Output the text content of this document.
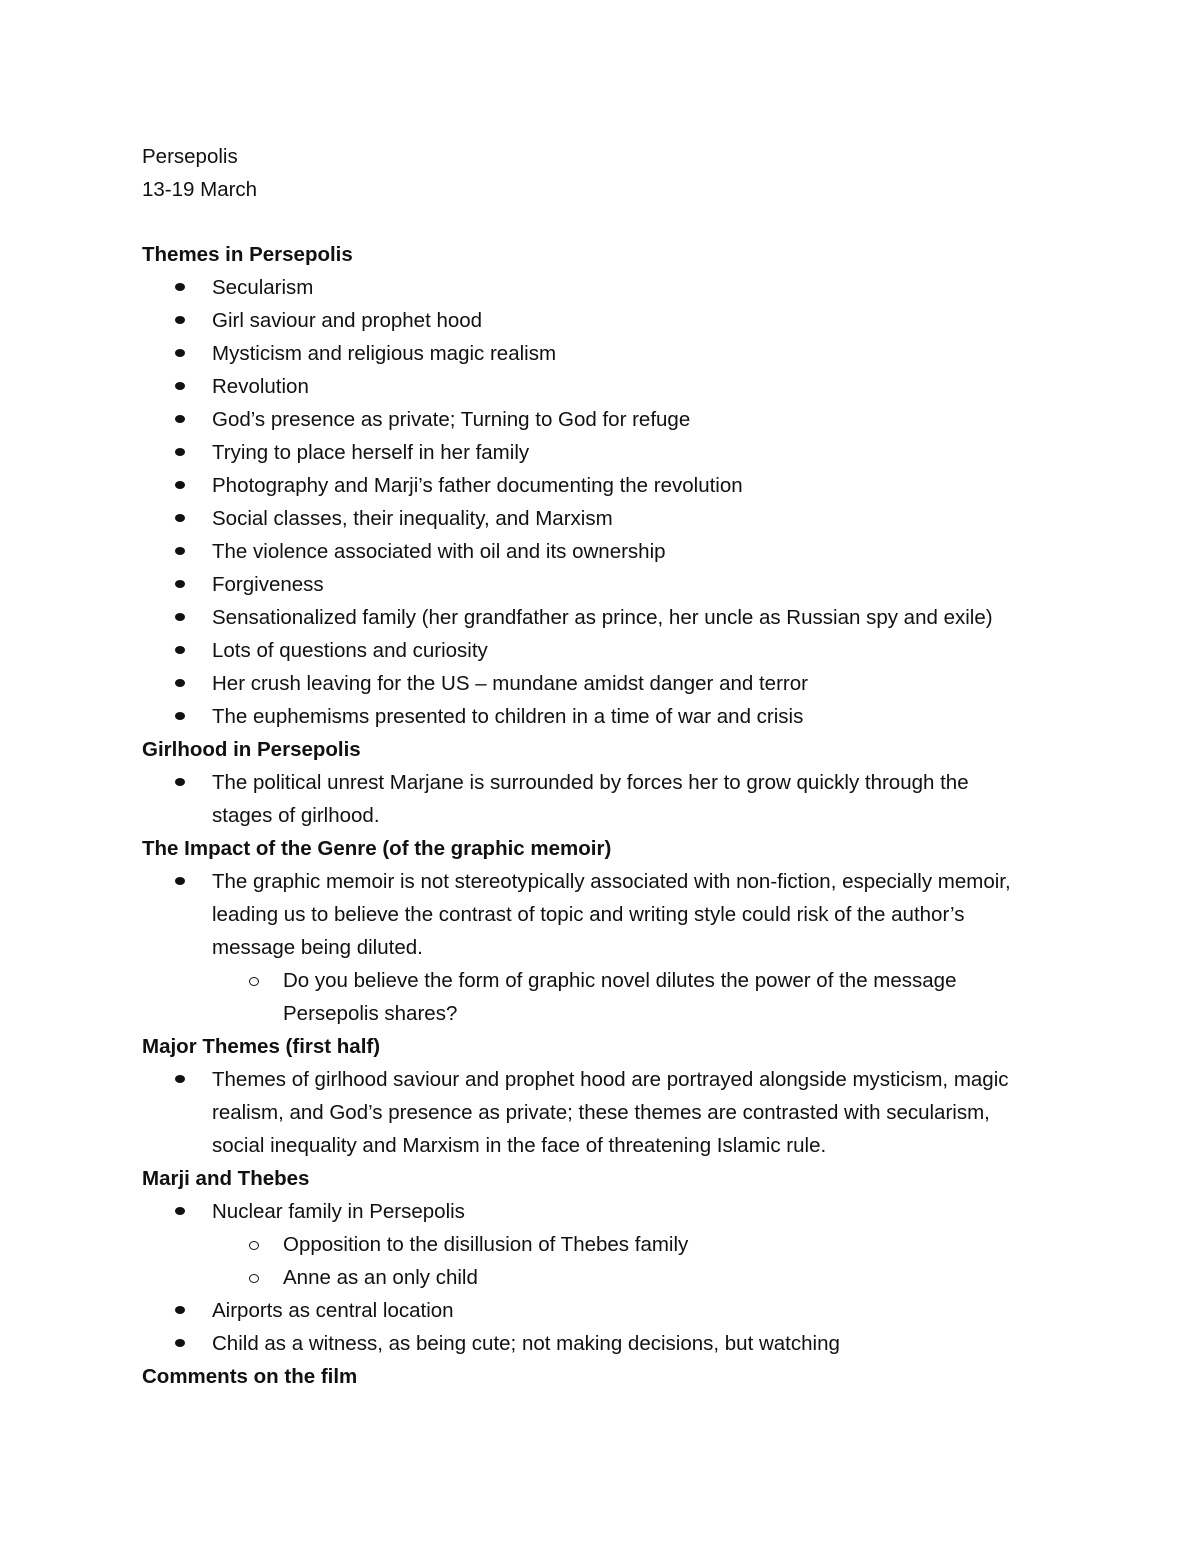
Persepolis

13-19 March

Themes in Persepolis

Secularism
Girl saviour and prophet hood
Mysticism and religious magic realism
Revolution
God’s presence as private; Turning to God for refuge
Trying to place herself in her family
Photography and Marji’s father documenting the revolution
Social classes, their inequality, and Marxism
The violence associated with oil and its ownership
Forgiveness
Sensationalized family (her grandfather as prince, her uncle as Russian spy and exile)
Lots of questions and curiosity
Her crush leaving for the US – mundane amidst danger and terror
The euphemisms presented to children in a time of war and crisis

Girlhood in Persepolis

The political unrest Marjane is surrounded by forces her to grow quickly through the
stages of girlhood.

The Impact of the Genre (of the graphic memoir)

The graphic memoir is not stereotypically associated with non-fiction, especially memoir,
leading us to believe the contrast of topic and writing style could risk of the author’s
message being diluted.
Do you believe the form of graphic novel dilutes the power of the message
Persepolis shares?

Major Themes (first half)

Themes of girlhood saviour and prophet hood are portrayed alongside mysticism, magic
realism, and God’s presence as private; these themes are contrasted with secularism,
social inequality and Marxism in the face of threatening Islamic rule.

Marji and Thebes

Nuclear family in Persepolis
Opposition to the disillusion of Thebes family
Anne as an only child
Airports as central location
Child as a witness, as being cute; not making decisions, but watching

Comments on the film
